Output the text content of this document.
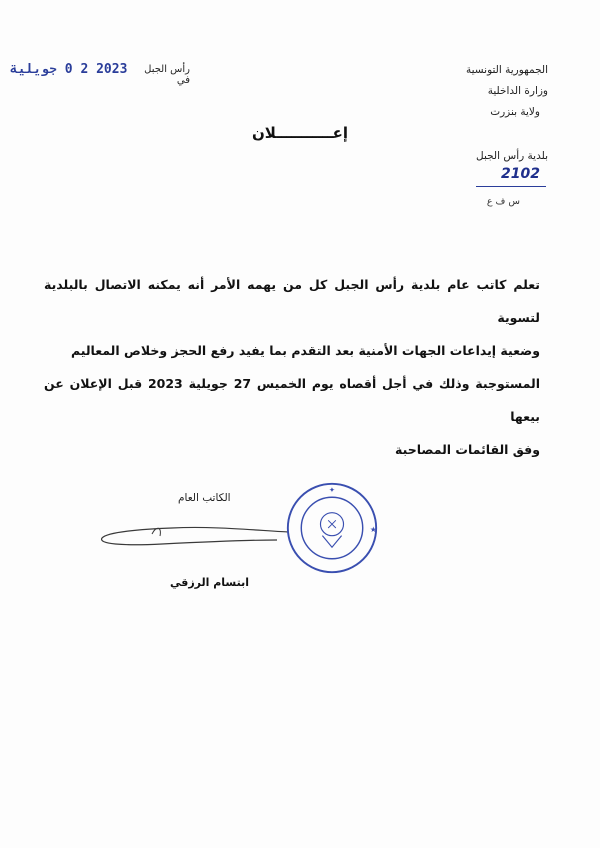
الجمهورية التونسية
وزارة الداخلية
ولاية بنزرت
بلدية رأس الجبل
2102
س ف ع
2023 2 0 جويلية	رأس الجبل في
إعـــــــــــلان

تعلم كاتب عام بلدية رأس الجبل كل من يهمه الأمر أنه يمكنه الاتصال بالبلدية لتسوية

وضعية إيداعات الجهات الأمنية بعد التقدم بما يفيد رفع الحجز وخلاص المعاليم

المستوجبة وذلك في أجل أقصاه يوم الخميس 27 جويلية 2023 قبل الإعلان عن بيعها

وفق القائمات المصاحبة

الكاتب العام
ابتسام الرزقي
✦
★
